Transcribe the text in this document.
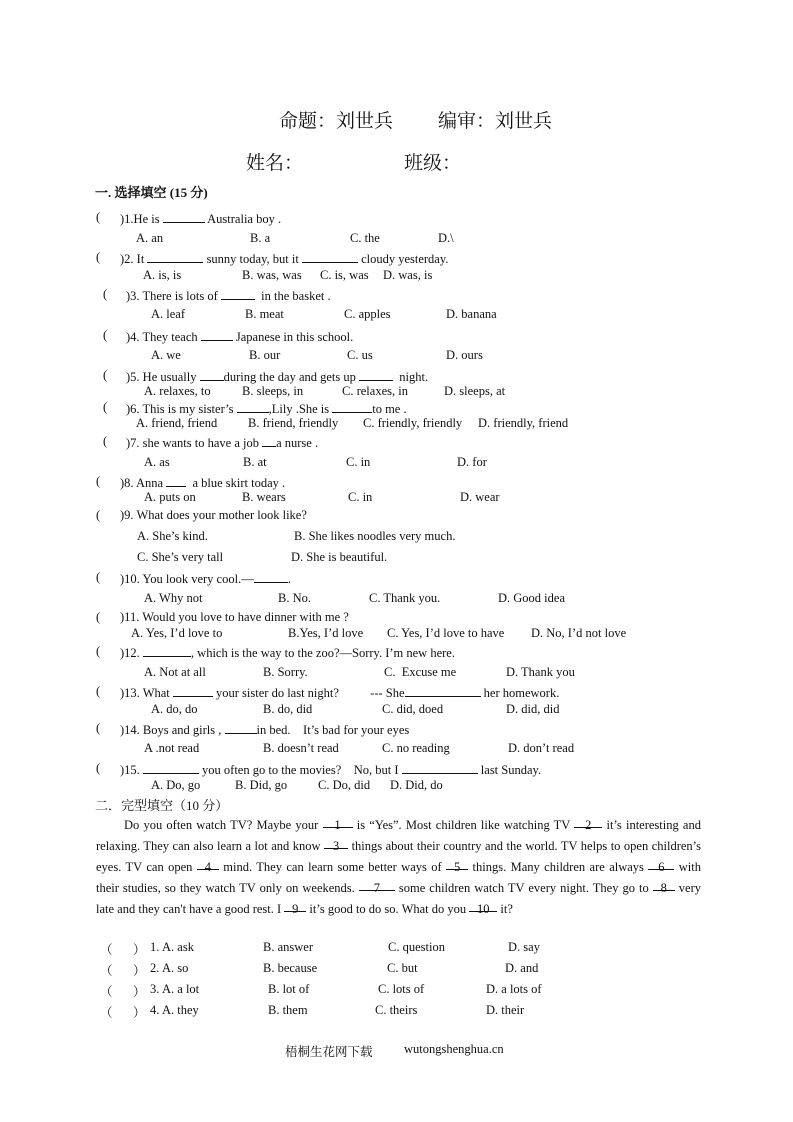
命题：刘世兵 编审：刘世兵
姓名：	班级：
一. 选择填空 (15 分)
( )1.He is	Australia boy .
A. an	B. a	C. the	D.\
( )2. It	sunny today, but it	cloudy yesterday.
A. is, is	B. was, was C. is, was D. was, is
( )3. There is lots of	in the basket .
A. leaf	B. meat	C. apples	D. banana
( )4. They teach	Japanese in this school.
A. we	B. our	C. us	D. ours
( )5. He usually during the day and gets up	night.
A. relaxes, to	B. sleeps, in	C. relaxes, in	D. sleeps, at
( )6. This is my sister’s	,Lily .She is	to me .
A. friend, friend B. friend, friendly C. friendly, friendly D. friendly, friend
( )7. she wants to have a job a nurse .
A. as	B. at	C. in	D. for
( )8. Anna   a blue skirt today .
A. puts on	B. wears	C. in	D. wear
( )9. What does your mother look like?
A. She’s kind.	B. She likes noodles very much.
C. She’s very tall	D. She is beautiful.
( )10. You look very cool.—	.
A. Why not	B. No.	C. Thank you.	D. Good idea
( )11. Would you love to have dinner with me ?
A. Yes, I’d love to	B.Yes, I’d love C. Yes, I’d love to have D. No, I’d not love
( )12.	, which is the way to the zoo?—Sorry. I’m new here.
A. Not at all	B. Sorry.	C.  Excuse me	D. Thank you
( )13. What	your sister do last night?          --- She	her homework.
A. do, do	B. do, did	C. did, doed	D. did, did
( )14. Boys and girls ,	in bed.    It’s bad for your eyes
A .not read	B. doesn’t read	C. no reading	D. don’t read
( )15.	you often go to the movies?    No, but I	last Sunday.
A. Do, go	B. Did, go C. Do, did D. Did, do
二．完型填空（10 分）
Do you often watch TV? Maybe your 1 is “Yes”. Most children like watching TV 2 it’s interesting and relaxing. They can also learn a lot and know 3 things about their country and the world. TV helps to open children’s eyes. TV can open 4 mind. They can learn some better ways of 5 things. Many children are always 6 with their studies, so they watch TV only on weekends. 7 some children watch TV every night. They go to 8 very late and they can't have a good rest. I 9 it’s good to do so. What do you 10 it?
（ ） 1. A. ask	B. answer	C. question	D. say
（ ） 2. A. so	B. because	C. but	D. and
（ ） 3. A. a lot	B. lot of	C. lots of	D. a lots of
（ ） 4. A. they	B. them	C. theirs	D. their
梧桐生花网下载	wutongshenghua.cn
